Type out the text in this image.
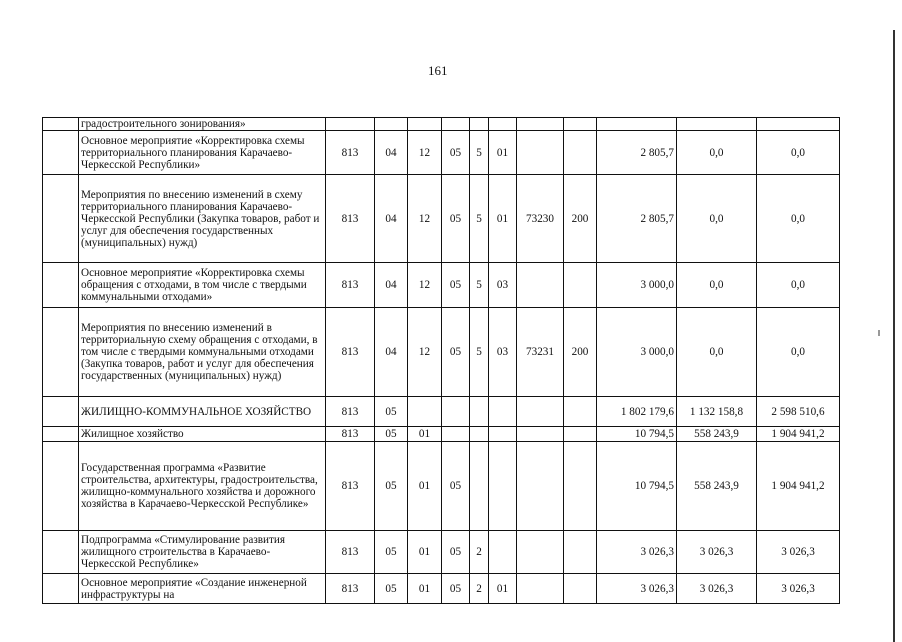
161
	градостроительного зонирования»											
	Основное мероприятие «Корректировка схемы территориального планирования Карачаево-Черкесской Республики»	813	04	12	05	5	01			2 805,7	0,0	0,0
	Мероприятия по внесению изменений в схему территориального планирования Карачаево-Черкесской Республики (Закупка товаров, работ и услуг для обеспечения государственных (муниципальных) нужд)	813	04	12	05	5	01	73230	200	2 805,7	0,0	0,0
	Основное мероприятие «Корректировка схемы обращения с отходами, в том числе с твердыми коммунальными отходами»	813	04	12	05	5	03			3 000,0	0,0	0,0
	Мероприятия по внесению изменений в территориальную схему обращения с отходами, в том числе с твердыми коммунальными отходами (Закупка товаров, работ и услуг для обеспечения государственных (муниципальных) нужд)	813	04	12	05	5	03	73231	200	3 000,0	0,0	0,0
	ЖИЛИЩНО-КОММУНАЛЬНОЕ ХОЗЯЙСТВО	813	05							1 802 179,6	1 132 158,8	2 598 510,6
	Жилищное хозяйство	813	05	01						10 794,5	558 243,9	1 904 941,2
	Государственная программа «Развитие строительства, архитектуры, градостроительства, жилищно-коммунального хозяйства и дорожного хозяйства в Карачаево-Черкесской Республике»	813	05	01	05					10 794,5	558 243,9	1 904 941,2
	Подпрограмма «Стимулирование развития жилищного строительства в Карачаево-Черкесской Республике»	813	05	01	05	2				3 026,3	3 026,3	3 026,3
	Основное мероприятие «Создание инженерной инфраструктуры на	813	05	01	05	2	01			3 026,3	3 026,3	3 026,3
